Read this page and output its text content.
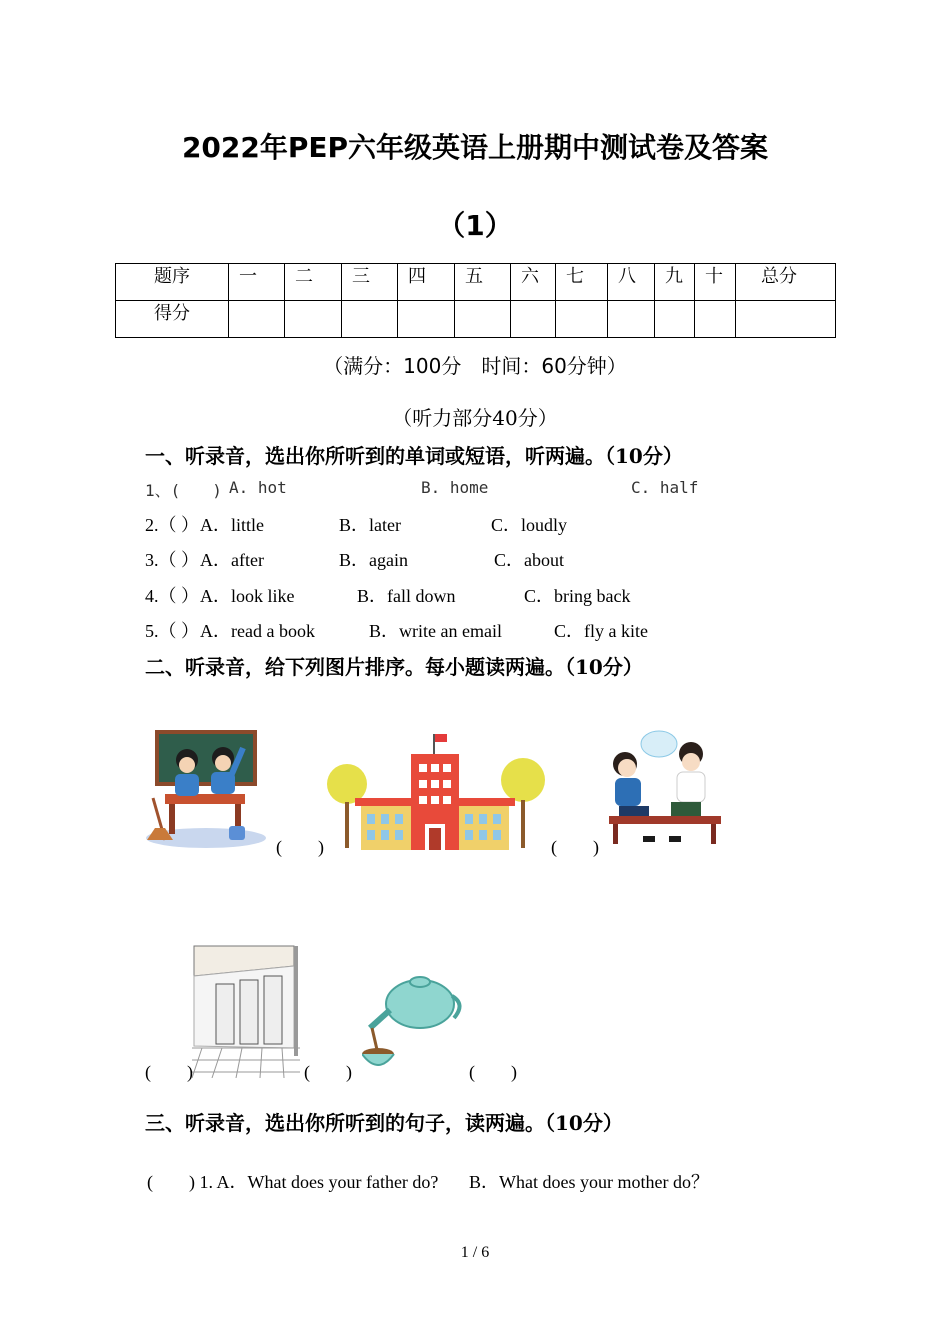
2022年PEP六年级英语上册期中测试卷及答案
（1）
题序	一	二	三	四	五	六	七	八	九	十	总分
得分											
（满分：100分　时间：60分钟）
（听力部分40分）
一、听录音，选出你所听到的单词或短语，听两遍。（10分）
1、(　　) A. hot	B. home	C. half
2.（ ） A．little	B．later	C．loudly
3.（ ） A．after	B．again	C．about
4.（ ） A．look like	B．fall down	C．bring back
5.（ ） A．read a book	B．write an email	C．fly a kite
二、听录音，给下列图片排序。每小题读两遍。（10分）
(　　)	(　　)
(　　)	(　　)	(　　)
三、听录音，选出你所听到的句子，读两遍。（10分）
(　　) 1. A．What does your father do? B．What does your mother do？
1 / 6
